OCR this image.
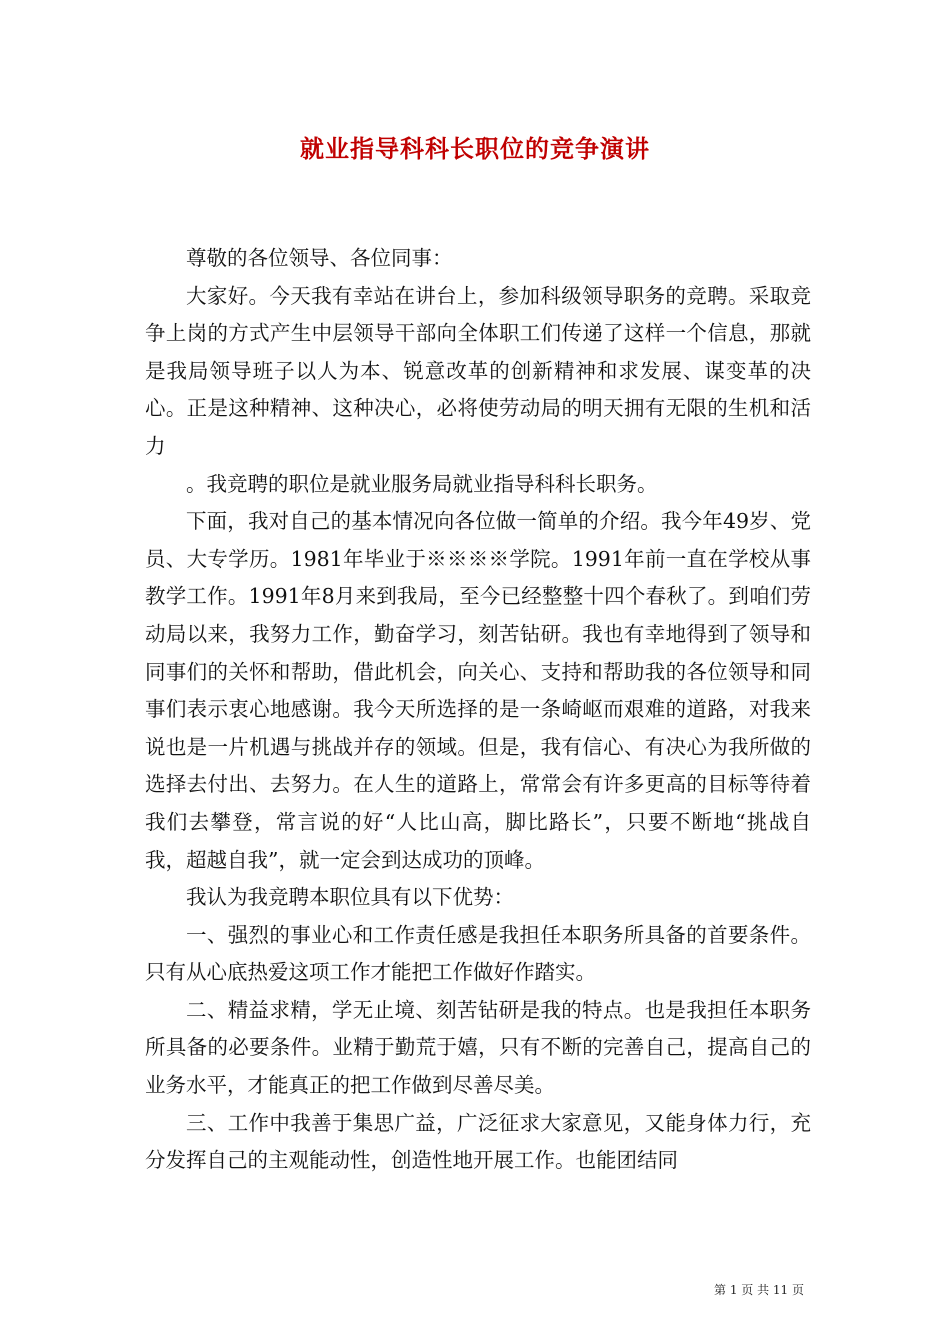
就业指导科科长职位的竞争演讲

尊敬的各位领导、各位同事：

大家好。今天我有幸站在讲台上，参加科级领导职务的竞聘。采取竞争上岗的方式产生中层领导干部向全体职工们传递了这样一个信息，那就是我局领导班子以人为本、锐意改革的创新精神和求发展、谋变革的决心。正是这种精神、这种决心，必将使劳动局的明天拥有无限的生机和活力

。我竞聘的职位是就业服务局就业指导科科长职务。

下面，我对自己的基本情况向各位做一简单的介绍。我今年49岁、党员、大专学历。1981年毕业于※※※※学院。1991年前一直在学校从事教学工作。1991年8月来到我局，至今已经整整十四个春秋了。到咱们劳动局以来，我努力工作，勤奋学习，刻苦钻研。我也有幸地得到了领导和同事们的关怀和帮助，借此机会，向关心、支持和帮助我的各位领导和同事们表示衷心地感谢。我今天所选择的是一条崎岖而艰难的道路，对我来说也是一片机遇与挑战并存的领域。但是，我有信心、有决心为我所做的选择去付出、去努力。在人生的道路上，常常会有许多更高的目标等待着我们去攀登，常言说的好“人比山高，脚比路长”，只要不断地“挑战自我，超越自我”，就一定会到达成功的顶峰。

我认为我竞聘本职位具有以下优势：

一、强烈的事业心和工作责任感是我担任本职务所具备的首要条件。只有从心底热爱这项工作才能把工作做好作踏实。

二、精益求精，学无止境、刻苦钻研是我的特点。也是我担任本职务所具备的必要条件。业精于勤荒于嬉，只有不断的完善自己，提高自己的业务水平，才能真正的把工作做到尽善尽美。

三、工作中我善于集思广益，广泛征求大家意见，又能身体力行，充分发挥自己的主观能动性，创造性地开展工作。也能团结同

第 1 页 共 11 页
